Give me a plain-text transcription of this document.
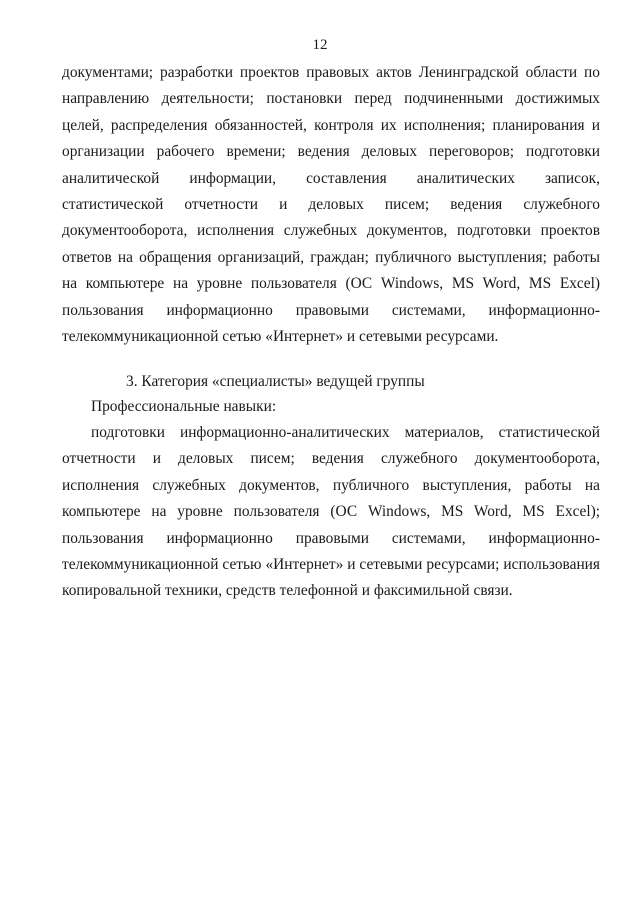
12
документами; разработки проектов правовых актов Ленинградской области по направлению деятельности; постановки перед подчиненными достижимых целей, распределения обязанностей, контроля их исполнения; планирования и организации рабочего времени; ведения деловых переговоров; подготовки аналитической информации, составления аналитических записок, статистической отчетности и деловых писем; ведения служебного документооборота, исполнения служебных документов, подготовки проектов ответов на обращения организаций, граждан; публичного выступления; работы на компьютере на уровне пользователя (ОС Windows, MS Word, MS Excel) пользования информационно правовыми системами, информационно-телекоммуникационной сетью «Интернет» и сетевыми ресурсами.
3. Категория «специалисты» ведущей группы
Профессиональные навыки:
подготовки информационно-аналитических материалов, статистической отчетности и деловых писем; ведения служебного документооборота, исполнения служебных документов, публичного выступления, работы на компьютере на уровне пользователя (ОС Windows, MS Word, MS Excel); пользования информационно правовыми системами, информационно-телекоммуникационной сетью «Интернет» и сетевыми ресурсами; использования копировальной техники, средств телефонной и факсимильной связи.
